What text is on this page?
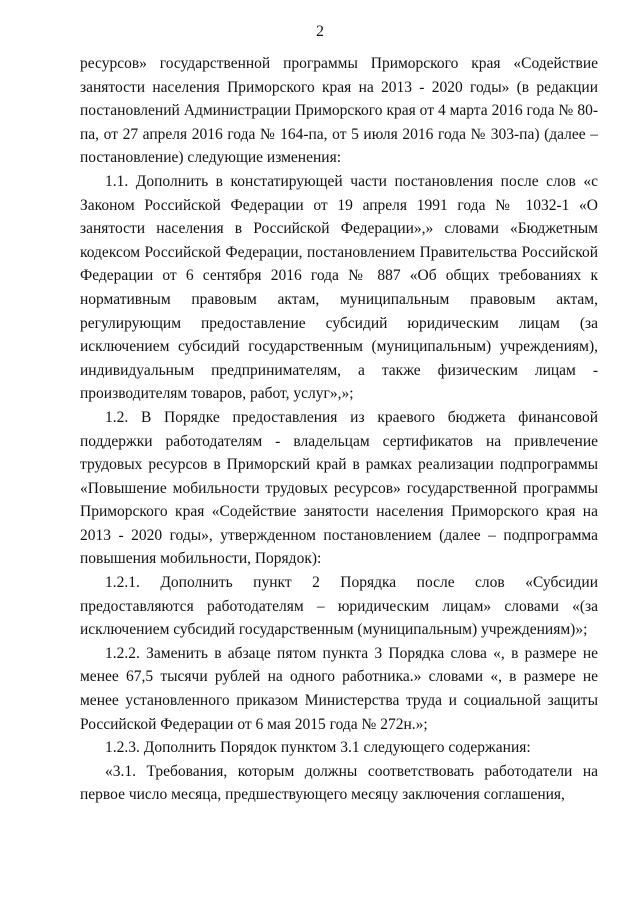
2

ресурсов» государственной программы Приморского края «Содействие занятости населения Приморского края на 2013 - 2020 годы» (в редакции постановлений Администрации Приморского края от 4 марта 2016 года № 80-па, от 27 апреля 2016 года № 164-па, от 5 июля 2016 года № 303-па) (далее – постановление) следующие изменения:

1.1. Дополнить в констатирующей части постановления после слов «с Законом Российской Федерации от 19 апреля 1991 года № 1032-1 «О занятости населения в Российской Федерации»,» словами «Бюджетным кодексом Российской Федерации, постановлением Правительства Российской Федерации от 6 сентября 2016 года № 887 «Об общих требованиях к нормативным правовым актам, муниципальным правовым актам, регулирующим предоставление субсидий юридическим лицам (за исключением субсидий государственным (муниципальным) учреждениям), индивидуальным предпринимателям, а также физическим лицам - производителям товаров, работ, услуг»,»;

1.2. В Порядке предоставления из краевого бюджета финансовой поддержки работодателям - владельцам сертификатов на привлечение трудовых ресурсов в Приморский край в рамках реализации подпрограммы «Повышение мобильности трудовых ресурсов» государственной программы Приморского края «Содействие занятости населения Приморского края на 2013 - 2020 годы», утвержденном постановлением (далее – подпрограмма повышения мобильности, Порядок):

1.2.1. Дополнить пункт 2 Порядка после слов «Субсидии предоставляются работодателям – юридическим лицам» словами «(за исключением субсидий государственным (муниципальным) учреждениям)»;

1.2.2. Заменить в абзаце пятом пункта 3 Порядка слова «, в размере не менее 67,5 тысячи рублей на одного работника.» словами «, в размере не менее установленного приказом Министерства труда и социальной защиты Российской Федерации от 6 мая 2015 года № 272н.»;

1.2.3. Дополнить Порядок пунктом 3.1 следующего содержания:

«3.1. Требования, которым должны соответствовать работодатели на первое число месяца, предшествующего месяцу заключения соглашения,
